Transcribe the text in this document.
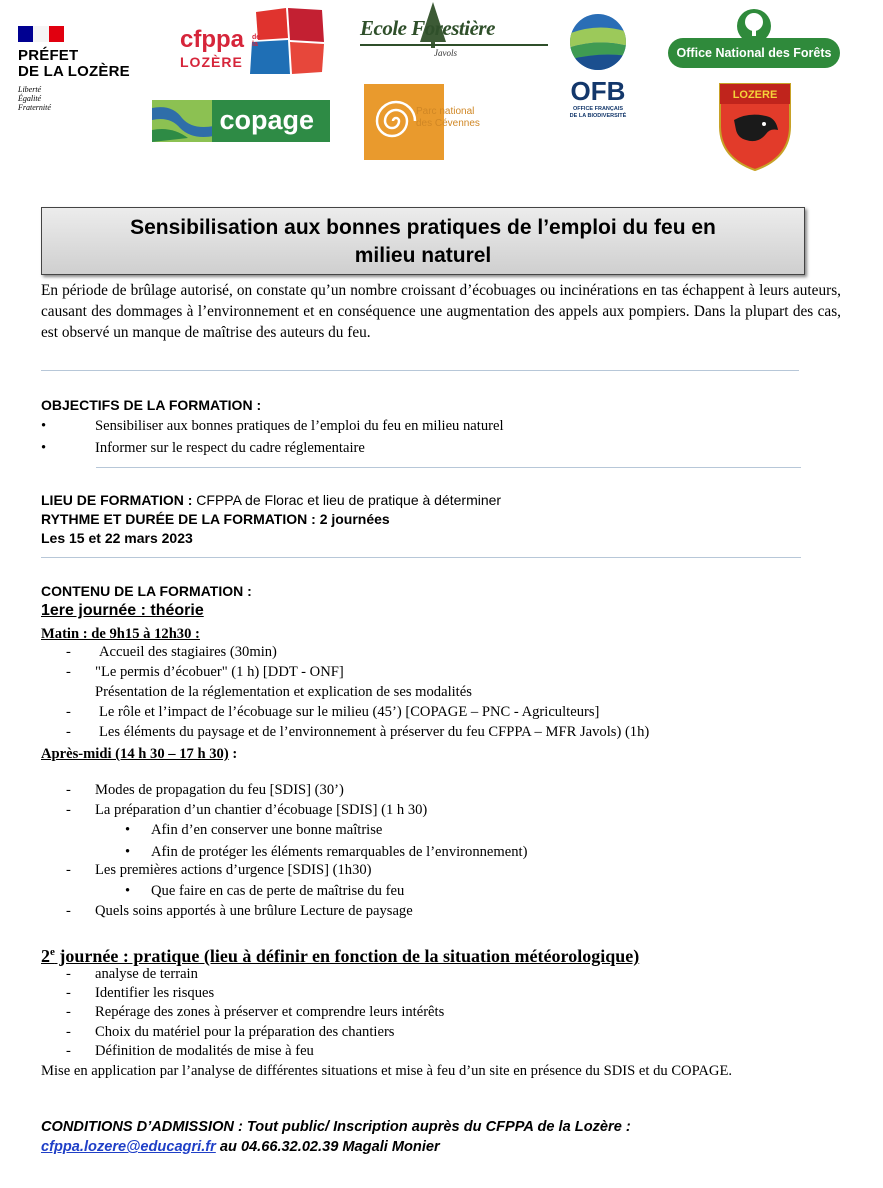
PRÉFET
DE LA LOZÈRE
Liberté
Égalité
Fraternité
cfppa de la
LOZÈRE
Ecole Forestière
Javols
OFB
OFFICE FRANÇAIS
DE LA BIODIVERSITÉ
Office National des Forêts
copage	Parc national
des Cévennes
LOZERE
Sensibilisation aux bonnes pratiques de l’emploi du feu en
milieu naturel
En période de brûlage autorisé, on constate qu’un nombre croissant d’écobuages ou incinérations en tas échappent à leurs auteurs, causant des dommages à l’environnement et en conséquence une augmentation des appels aux pompiers. Dans la plupart des cas, est observé un manque de maîtrise des auteurs du feu.
OBJECTIFS DE LA FORMATION :
•	Sensibiliser aux bonnes pratiques de l’emploi du feu en milieu naturel
•	Informer sur le respect du cadre réglementaire
LIEU DE FORMATION : CFPPA de Florac et lieu de pratique à déterminer
RYTHME ET DURÉE DE LA FORMATION : 2 journées
Les 15 et 22 mars 2023
CONTENU DE LA FORMATION :
1ere journée : théorie
Matin : de 9h15 à 12h30 :
- Accueil des stagiaires (30min)
- "Le permis d’écobuer" (1 h) [DDT - ONF]
Présentation de la réglementation et explication de ses modalités
- Le rôle et l’impact de l’écobuage sur le milieu (45’) [COPAGE – PNC - Agriculteurs]
- Les éléments du paysage et de l’environnement à préserver du feu CFPPA – MFR Javols) (1h)
Après-midi (14 h 30 – 17 h 30) :
- Modes de propagation du feu [SDIS] (30’)
- La préparation d’un chantier d’écobuage [SDIS] (1 h 30)
• Afin d’en conserver une bonne maîtrise
• Afin de protéger les éléments remarquables de l’environnement)
- Les premières actions d’urgence [SDIS] (1h30)
• Que faire en cas de perte de maîtrise du feu
- Quels soins apportés à une brûlure Lecture de paysage
2e journée : pratique (lieu à définir en fonction de la situation météorologique)
- analyse de terrain
- Identifier les risques
- Repérage des zones à préserver et comprendre leurs intérêts
- Choix du matériel pour la préparation des chantiers
- Définition de modalités de mise à feu
Mise en application par l’analyse de différentes situations et mise à feu d’un site en présence du SDIS et du COPAGE.
CONDITIONS D’ADMISSION : Tout public/ Inscription auprès du CFPPA de la Lozère :
cfppa.lozere@educagri.fr au 04.66.32.02.39 Magali Monier
